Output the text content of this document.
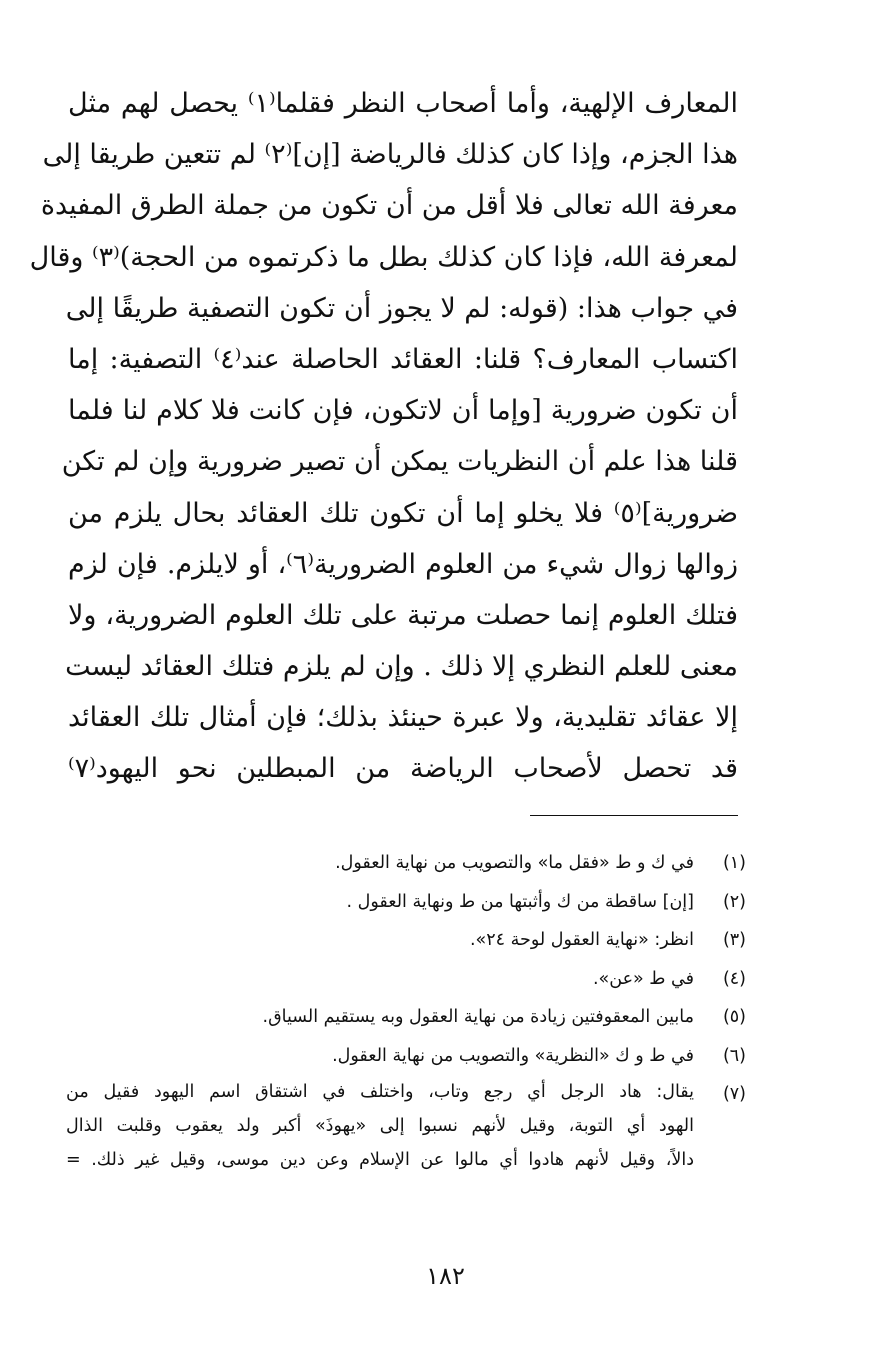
المعارف الإلهية، وأما أصحاب النظر فقلما⁽١⁾ يحصل لهم مثل
هذا الجزم، وإذا كان كذلك فالرياضة [إن]⁽٢⁾ لم تتعين طريقا إلى
معرفة الله تعالى فلا أقل من أن تكون من جملة الطرق المفيدة
لمعرفة الله، فإذا كان كذلك بطل ما ذكرتموه من الحجة)⁽٣⁾ وقال
في جواب هذا: (قوله: لم لا يجوز أن تكون التصفية طريقًا إلى
اكتساب المعارف؟ قلنا: العقائد الحاصلة عند⁽٤⁾ التصفية: إما
أن تكون ضرورية [وإما أن لاتكون، فإن كانت فلا كلام لنا فلما
قلنا هذا علم أن النظريات يمكن أن تصير ضرورية وإن لم تكن
ضرورية]⁽٥⁾ فلا يخلو إما أن تكون تلك العقائد بحال يلزم من
زوالها زوال شيء من العلوم الضرورية⁽٦⁾، أو لايلزم. فإن لزم
فتلك العلوم إنما حصلت مرتبة على تلك العلوم الضرورية، ولا
معنى للعلم النظري إلا ذلك . وإن لم يلزم فتلك العقائد ليست
إلا عقائد تقليدية، ولا عبرة حينئذ بذلك؛ فإن أمثال تلك العقائد
قد تحصل لأصحاب الرياضة من المبطلين نحو اليهود⁽٧⁾
(١)
في ك و ط «فقل ما» والتصويب من نهاية العقول.
(٢)
[إن] ساقطة من ك وأثبتها من ط ونهاية العقول .
(٣)
انظر: «نهاية العقول لوحة ٢٤».
(٤)
في ط «عن».
(٥)
مابين المعقوفتين زيادة من نهاية العقول وبه يستقيم السياق.
(٦)
في ط و ك «النظرية» والتصويب من نهاية العقول.
(٧)
يقال: هاد الرجل أي رجع وتاب، واختلف في اشتقاق اسم اليهود فقيل من
الهود أي التوبة، وقيل لأنهم نسبوا إلى «يهوذَ» أكبر ولد يعقوب وقلبت الذال
دالاً، وقيل لأنهم هادوا أي مالوا عن الإسلام وعن دين موسى، وقيل غير ذلك. =
١٨٢
